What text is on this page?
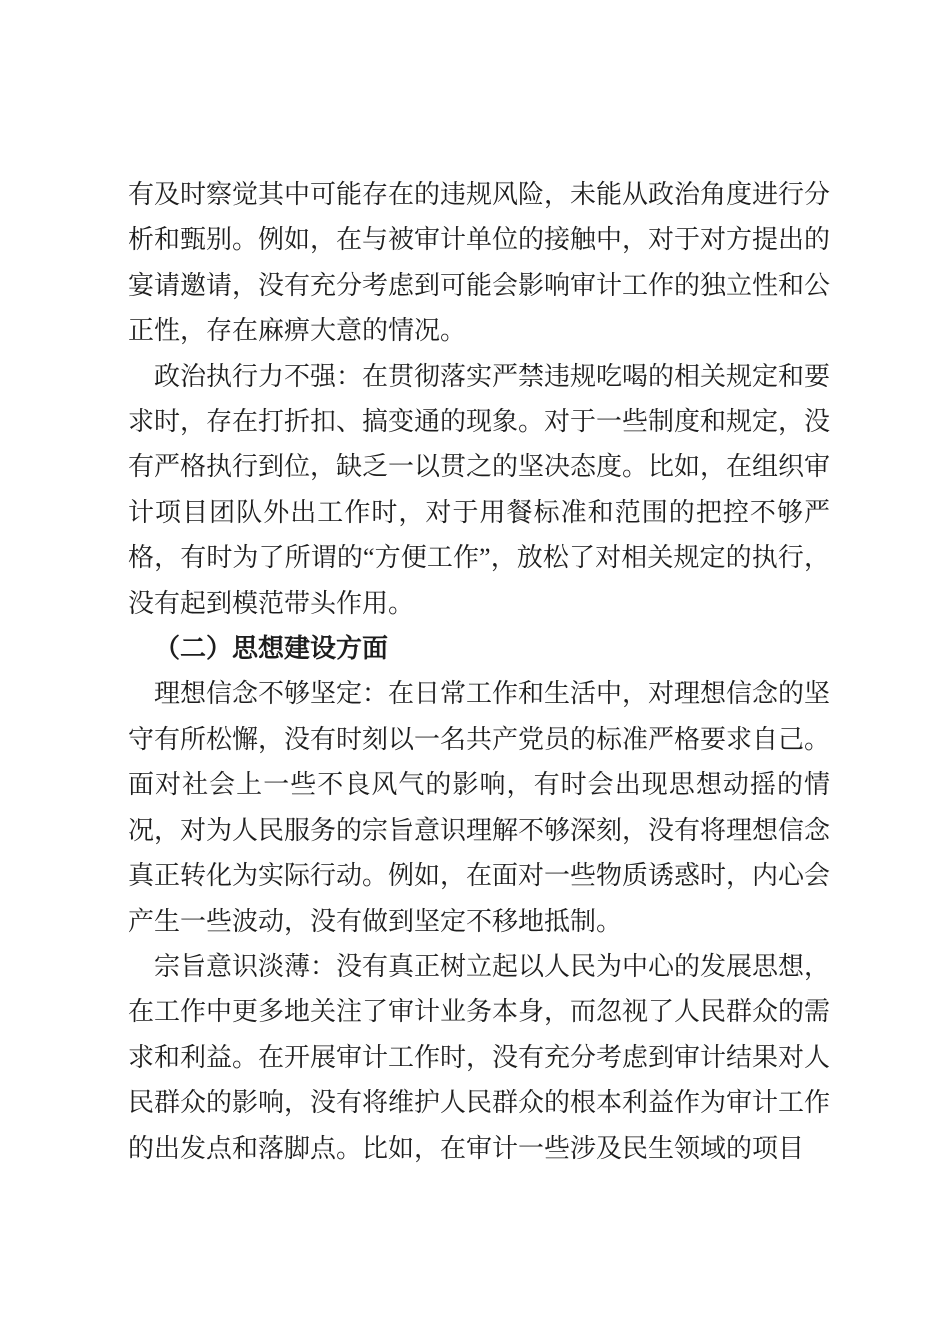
有及时察觉其中可能存在的违规风险，未能从政治角度进行分析和甄别。例如，在与被审计单位的接触中，对于对方提出的宴请邀请，没有充分考虑到可能会影响审计工作的独立性和公正性，存在麻痹大意的情况。

政治执行力不强：在贯彻落实严禁违规吃喝的相关规定和要求时，存在打折扣、搞变通的现象。对于一些制度和规定，没有严格执行到位，缺乏一以贯之的坚决态度。比如，在组织审计项目团队外出工作时，对于用餐标准和范围的把控不够严格，有时为了所谓的“方便工作”，放松了对相关规定的执行，没有起到模范带头作用。

（二）思想建设方面

理想信念不够坚定：在日常工作和生活中，对理想信念的坚守有所松懈，没有时刻以一名共产党员的标准严格要求自己。面对社会上一些不良风气的影响，有时会出现思想动摇的情况，对为人民服务的宗旨意识理解不够深刻，没有将理想信念真正转化为实际行动。例如，在面对一些物质诱惑时，内心会产生一些波动，没有做到坚定不移地抵制。

宗旨意识淡薄：没有真正树立起以人民为中心的发展思想，在工作中更多地关注了审计业务本身，而忽视了人民群众的需求和利益。在开展审计工作时，没有充分考虑到审计结果对人民群众的影响，没有将维护人民群众的根本利益作为审计工作的出发点和落脚点。比如，在审计一些涉及民生领域的项目
